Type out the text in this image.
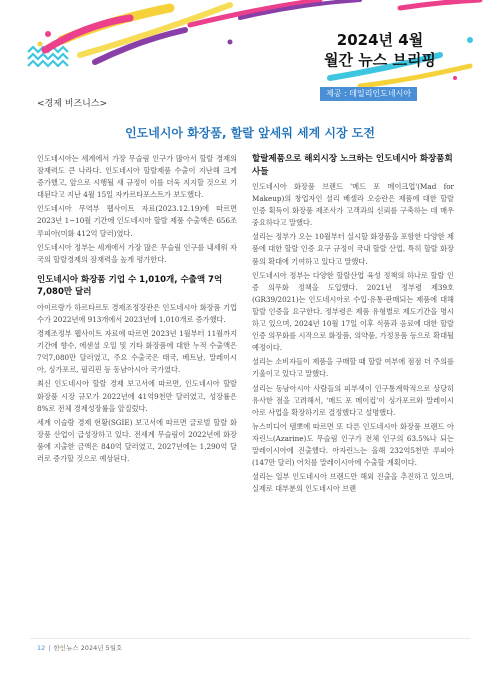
2024년 4월
월간 뉴스 브리핑
제공 : 데일리인도네시아
<경제 비즈니스>
인도네시아 화장품, 할랄 앞세워 세계 시장 도전

인도네시아는 세계에서 가장 무슬림 인구가 많아서 할랄 경제의 잠재력도 큰 나라다. 인도네시아 할랄제품 수출이 지난해 크게 증가했고, 앞으로 시행될 새 규정이 이를 더욱 지지할 것으로 기대된다고 지난 4월 15일 자카르타포스트가 보도했다.

인도네시아 무역부 웹사이트 자료(2023.12.19)에 따르면 2023년 1~10월 기간에 인도네시아 할랄 제품 수출액은 656조 루피아(미화 412억 달러)였다.

인도네시아 정부는 세계에서 가장 많은 무슬림 인구를 내세워 자국의 할랄경제의 잠재력을 높게 평가한다.

인도네시아 화장품 기업 수 1,010개, 수출액 7억7,080만 달러

아이르랑가 하르타르토 경제조정장관은 인도네시아 화장품 기업 수가 2022년에 913개에서 2023년에 1,010개로 증가했다.

경제조정부 웹사이트 자료에 따르면 2023년 1월부터 11월까지 기간에 향수, 에센셜 오일 및 기타 화장품에 대한 누적 수출액은 7억7,080만 달러였고, 주요 수출국은 태국, 베트남, 말레이시아, 싱가포르, 필리핀 등 동남아시아 국가였다.

최신 인도네시아 할랄 경제 보고서에 따르면, 인도네시아 할랄 화장품 시장 규모가 2022년에 41억9천만 달러였고, 성장률은 8%로 전체 경제성장률을 앞질렀다.

세계 이슬람 경제 현황(SGIE) 보고서에 따르면 글로벌 할랄 화장품 산업이 급성장하고 있다. 전세계 무슬림이 2022년에 화장품에 지출한 금액은 840억 달러였고, 2027년에는 1,290억 달러로 증가할 것으로 예상된다.

할랄제품으로 해외시장 노크하는 인도네시아 화장품회사들

인도네시아 화장품 브랜드 '메드 포 메이크업'(Mad for Makeup)의 창업자인 셜리 베셀라 오승란은 제품에 대한 할랄 인증 획득이 화장품 제조사가 고객과의 신뢰를 구축하는 데 매우 중요하다고 말했다.

셜리는 정부가 오는 10월부터 실시할 화장품을 포함한 다양한 제품에 대한 할랄 인증 요구 규정이 국내 할랄 산업, 특히 할랄 화장품의 확대에 기여하고 있다고 말했다.

인도네시아 정부는 다양한 할랄산업 육성 정책의 하나로 할랄 인증 의무화 정책을 도입했다. 2021년 정부령 제39호(GR39/2021)는 인도네시아로 수입·유통·판매되는 제품에 대해 할랄 인증을 요구한다. 정부령은 제품 유형별로 제도기간을 명시하고 있으며, 2024년 10월 17일 이후 식품과 음료에 대한 할랄 인증 의무화를 시작으로 화장품, 의약품, 가정용품 등으로 확대될 예정이다.

셜리는 소비자들이 제품을 구매할 때 할랄 여부에 점점 더 주의를 기울이고 있다고 말했다.

셜리는 동남아시아 사람들의 피부색이 인구통계학적으로 상당히 유사한 점을 고려해서, '메드 포 메이컵'이 싱가포르와 말레이시아로 사업을 확장하기로 결정했다고 설명했다.

뉴스미디어 템뽀에 따르면 또 다른 인도네시아 화장품 브랜드 아자린느(Azarine)도 무슬림 인구가 전체 인구의 63.5%나 되는 말레이시아에 진출했다. 아자린느는 올해 232억5천만 루피아(147만 달러) 어치를 말레이시아에 수출할 계획이다.

셜리는 일부 인도네시아 브랜드만 해외 진출을 추진하고 있으며, 실제로 대부분의 인도네시아 브랜

12 | 한인뉴스 2024년 5월호
